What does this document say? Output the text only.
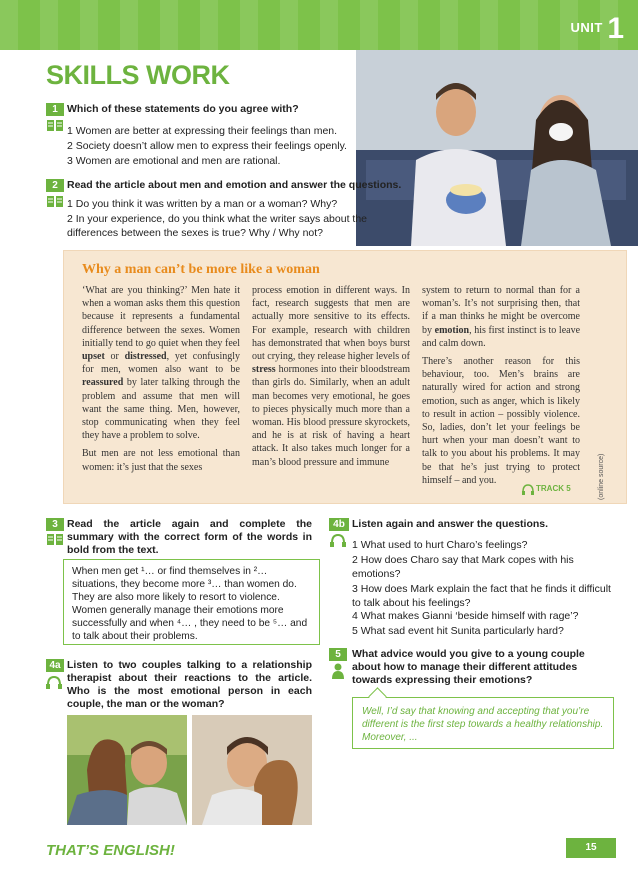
$^{UNIT}$ 1
SKILLS WORK
1 Which of these statements do you agree with?
1 Women are better at expressing their feelings than men.
2 Society doesn’t allow men to express their feelings openly.
3 Women are emotional and men are rational.
2 Read the article about men and emotion and answer the questions.
1 Do you think it was written by a man or a woman? Why?
2 In your experience, do you think what the writer says about the differences between the sexes is true? Why / Why not?
Why a man can’t be more like a woman

‘What are you thinking?’ Men hate it when a woman asks them this question because it represents a fundamental difference between the sexes. Women initially tend to go quiet when they feel upset or distressed, yet confusingly for men, women also want to be reassured by later talking through the problem and assume that men will want the same thing. Men, however, stop communicating when they feel they have a problem to solve.

But men are not less emotional than women: it’s just that the sexes

process emotion in different ways. In fact, research suggests that men are actually more sensitive to its effects. For example, research with children has demonstrated that when boys burst out crying, they release higher levels of stress hormones into their bloodstream than girls do. Similarly, when an adult man becomes very emotional, he goes to pieces physically much more than a woman. His blood pressure skyrockets, and he is at risk of having a heart attack. It also takes much longer for a man’s blood pressure and immune

system to return to normal than for a woman’s. It’s not surprising then, that if a man thinks he might be overcome by emotion, his first instinct is to leave and calm down.

There’s another reason for this behaviour, too. Men’s brains are naturally wired for action and strong emotion, such as anger, which is likely to result in action – possibly violence. So, ladies, don’t let your feelings be hurt when your man doesn’t want to talk to you about his problems. It may be that he’s just trying to protect himself – and you.

TRACK 5	(online source)
3 Read the article again and complete the summary with the correct form of the words in bold from the text.

When men get ¹… or find themselves in ²… situations, they become more ³… than women do. They are also more likely to resort to violence. Women generally manage their emotions more successfully and when ⁴… , they need to be ⁵… and to talk about their problems.

4a Listen to two couples talking to a relationship therapist about their reactions to the article. Who is the most emotional person in each couple, the man or the woman?
4b Listen again and answer the questions.
1 What used to hurt Charo’s feelings?
2 How does Charo say that Mark copes with his emotions?
3 How does Mark explain the fact that he finds it difficult to talk about his feelings?
4 What makes Gianni ‘beside himself with rage’?
5 What sad event hit Sunita particularly hard?
5	What advice would you give to a young couple about how to manage their different attitudes towards expressing their emotions?

Well, I’d say that knowing and accepting that you’re different is the first step towards a healthy relationship. Moreover, ...

THAT’S ENGLISH!	15
